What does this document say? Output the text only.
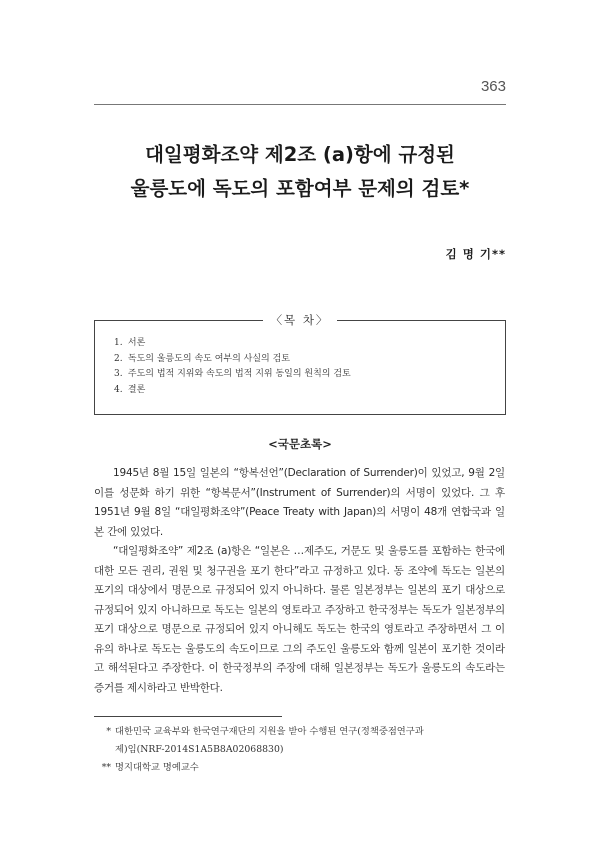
363
대일평화조약 제2조 (a)항에 규정된
울릉도에 독도의 포함여부 문제의 검토*
김 명 기**
〈목 차〉
1. 서론
2. 독도의 울릉도의 속도 여부의 사실의 검토
3. 주도의 법적 지위와 속도의 법적 지위 동일의 원칙의 검토
4. 결론
<국문초록>

1945년 8월 15일 일본의 “항복선언”(Declaration of Surrender)이 있었고, 9월 2일 이를 성문화 하기 위한 “항복문서”(Instrument of Surrender)의 서명이 있었다. 그 후 1951년 9월 8일 “대일평화조약”(Peace Treaty with Japan)의 서명이 48개 연합국과 일본 간에 있었다.

“대일평화조약” 제2조 (a)항은 “일본은 …제주도, 거문도 및 울릉도를 포함하는 한국에 대한 모든 권리, 권원 및 청구권을 포기 한다”라고 규정하고 있다. 동 조약에 독도는 일본의 포기의 대상에서 명문으로 규정되어 있지 아니하다. 물론 일본정부는 일본의 포기 대상으로 규정되어 있지 아니하므로 독도는 일본의 영토라고 주장하고 한국정부는 독도가 일본정부의 포기 대상으로 명문으로 규정되어 있지 아니해도 독도는 한국의 영토라고 주장하면서 그 이유의 하나로 독도는 울릉도의 속도이므로 그의 주도인 울릉도와 함께 일본이 포기한 것이라고 해석된다고 주장한다. 이 한국정부의 주장에 대해 일본정부는 독도가 울릉도의 속도라는 증거를 제시하라고 반박한다.

* 대한민국 교육부와 한국연구재단의 지원을 받아 수행된 연구(정책중점연구과
제)임(NRF-2014S1A5B8A02068830)
** 명지대학교 명예교수
